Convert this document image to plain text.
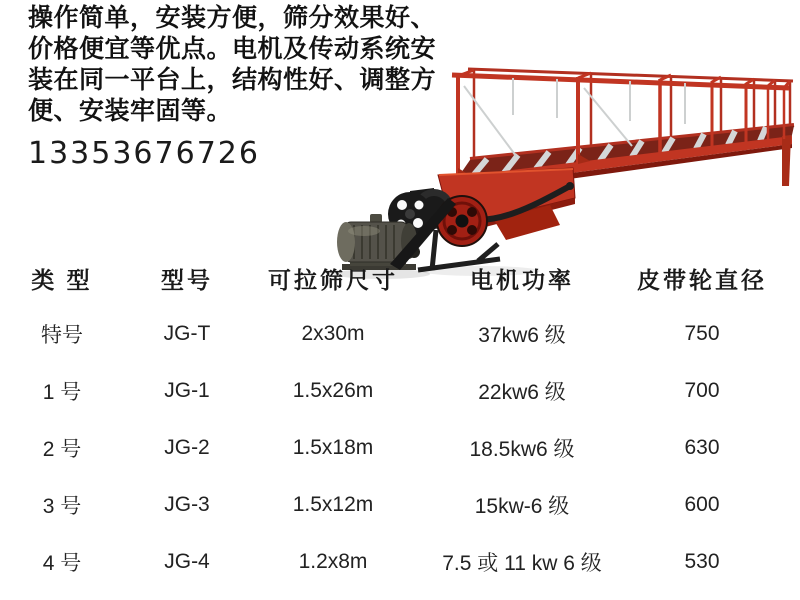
操作简单，安装方便，筛分效果好、
价格便宜等优点。电机及传动系统安
装在同一平台上，结构性好、调整方
便、安装牢固等。
13353676726
类 型	型号	可拉筛尺寸	电机功率	皮带轮直径
特号	JG-T	2x30m	37kw6 级	750
1 号	JG-1	1.5x26m	22kw6 级	700
2 号	JG-2	1.5x18m	18.5kw6 级	630
3 号	JG-3	1.5x12m	15kw-6 级	600
4 号	JG-4	1.2x8m	7.5 或 11 kw 6 级	530
